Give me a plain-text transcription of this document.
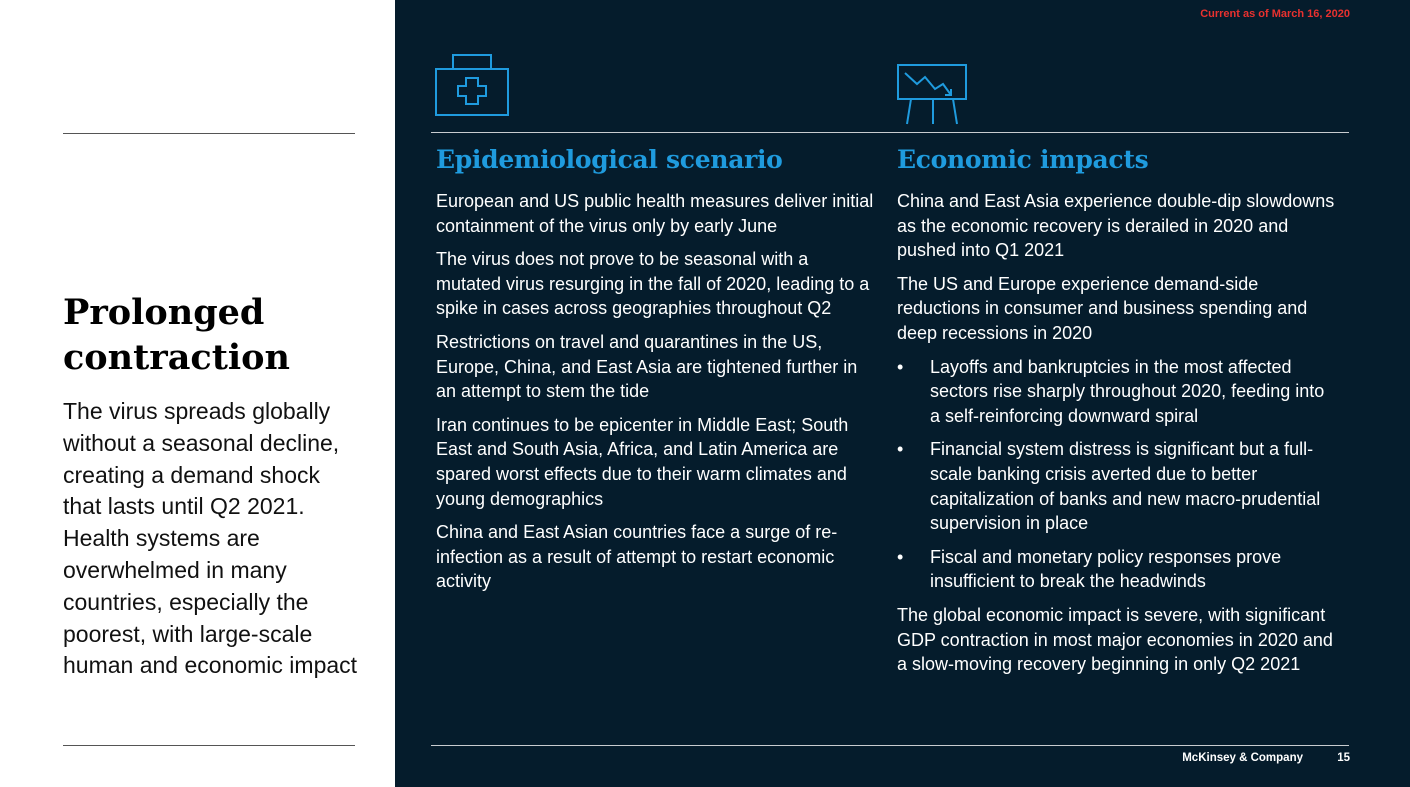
Prolonged
contraction
The virus spreads globally without a seasonal decline, creating a demand shock that lasts until Q2 2021. Health systems are overwhelmed in many countries, especially the poorest, with large-scale human and economic impact
Current as of March 16, 2020
Epidemiological scenario
European and US public health measures deliver initial containment of the virus only by early June
The virus does not prove to be seasonal with a mutated virus resurging in the fall of 2020, leading to a spike in cases across geographies throughout Q2
Restrictions on travel and quarantines in the US, Europe, China, and East Asia are tightened further in an attempt to stem the tide
Iran continues to be epicenter in Middle East; South East and South Asia, Africa, and Latin America are spared worst effects due to their warm climates and young demographics
China and East Asian countries face a surge of re-infection as a result of attempt to restart economic activity
Economic impacts
China and East Asia experience double-dip slowdowns as the economic recovery is derailed in 2020 and pushed into Q1 2021
The US and Europe experience demand-side reductions in consumer and business spending and deep recessions in 2020
•	Layoffs and bankruptcies in the most affected sectors rise sharply throughout 2020, feeding into a self-reinforcing downward spiral
•	Financial system distress is significant but a full-scale banking crisis averted due to better capitalization of banks and new macro-prudential supervision in place
•	Fiscal and monetary policy responses prove insufficient to break the headwinds
The global economic impact is severe, with significant GDP contraction in most major economies in 2020 and a slow-moving recovery beginning in only Q2 2021
McKinsey & Company	15
